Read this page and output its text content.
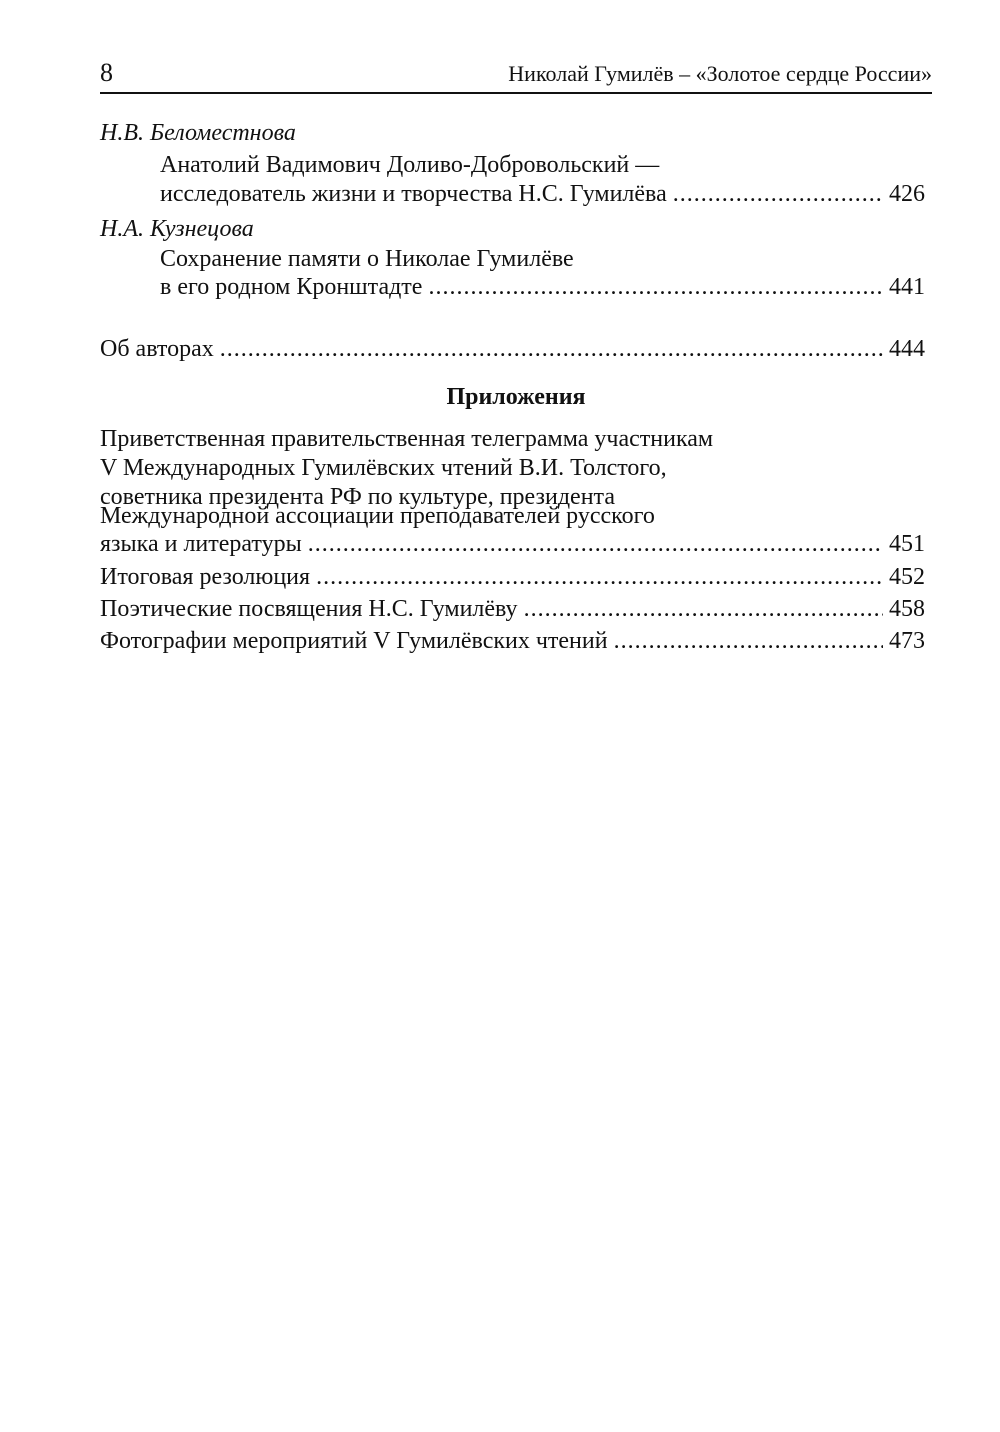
8	Николай Гумилёв – «Золотое сердце России»
Н.В. Беломестнова
Анатолий Вадимович Доливо-Добровольский —
исследователь жизни и творчества Н.С. Гумилёва .....	426
Н.А. Кузнецова
Сохранение памяти о Николае Гумилёве
в его родном Кронштадте .....	441
Об авторах .....	444
Приложения
Приветственная правительственная телеграмма участникам
V Международных Гумилёвских чтений В.И. Толстого,
советника президента РФ по культуре, президента
Международной ассоциации преподавателей русского
языка и литературы .....	451
Итоговая резолюция .....	452
Поэтические посвящения Н.С. Гумилёву .....	458
Фотографии мероприятий V Гумилёвских чтений .....	473
